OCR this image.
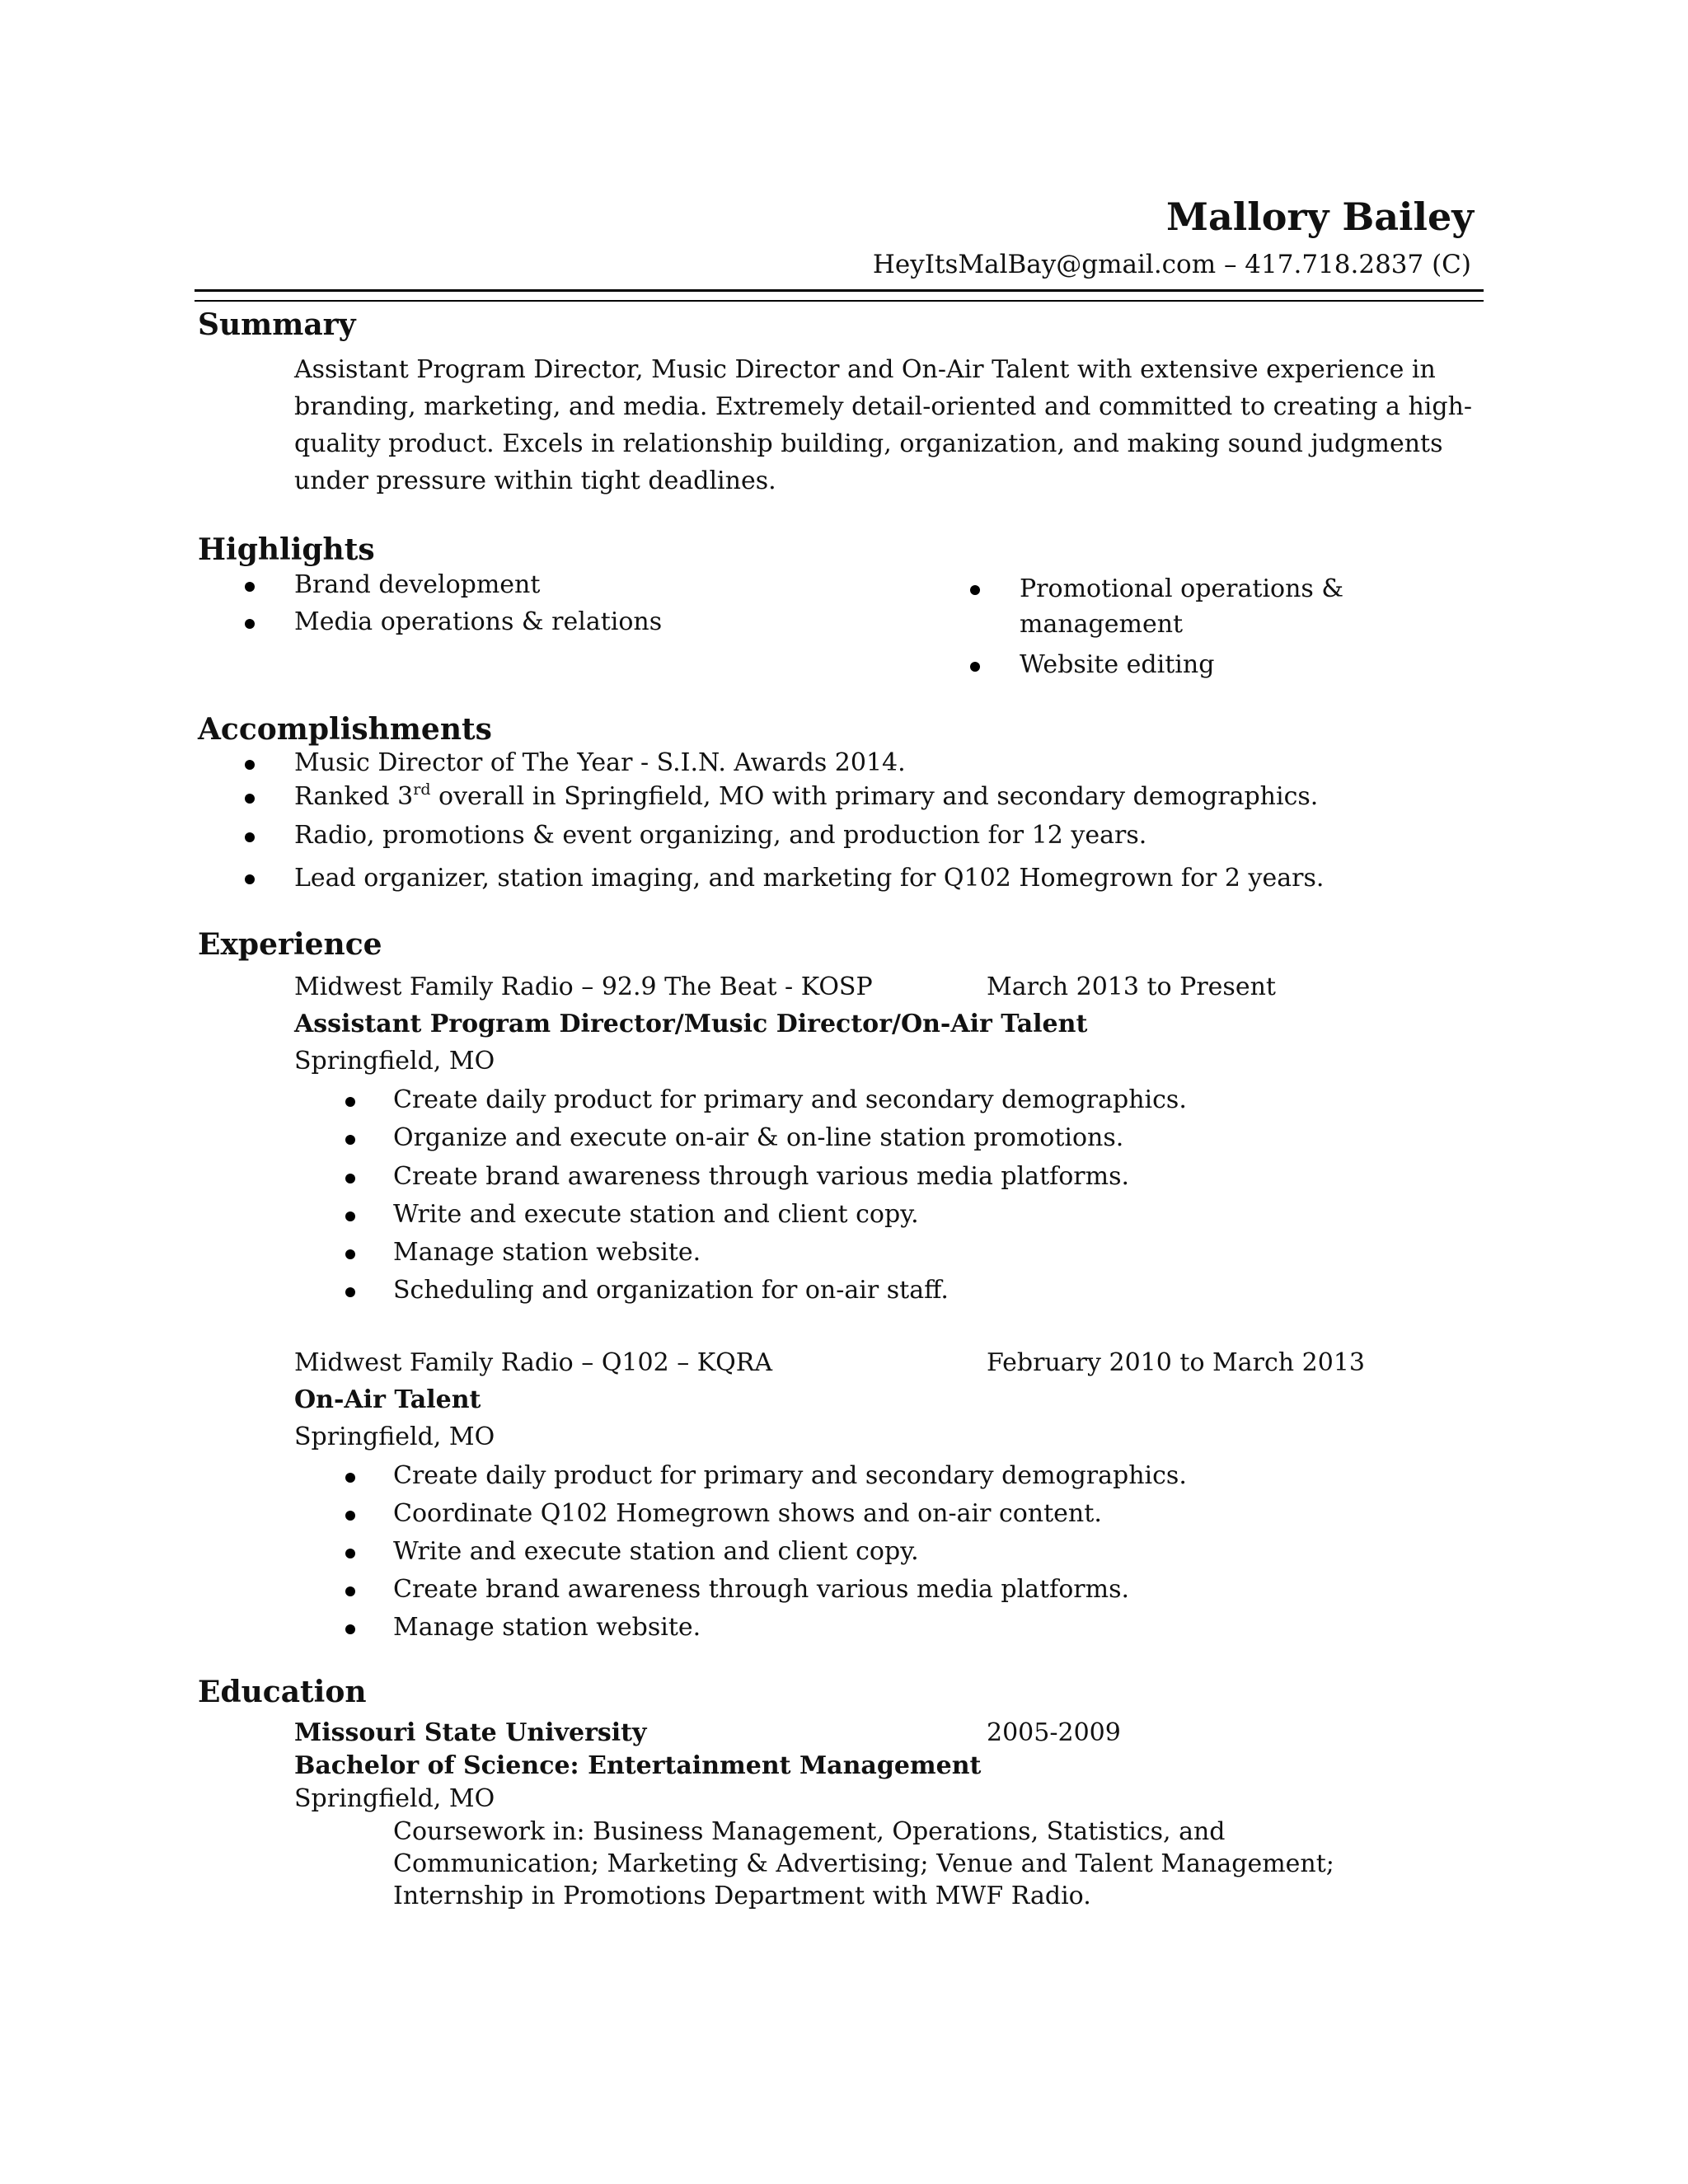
Mallory Bailey
HeyItsMalBay@gmail.com – 417.718.2837 (C)
Summary
Assistant Program Director, Music Director and On-Air Talent with extensive experience in branding, marketing, and media. Extremely detail-oriented and committed to creating a high-quality product. Excels in relationship building, organization, and making sound judgments under pressure within tight deadlines.
Highlights
Brand development
Media operations & relations
Promotional operations &
management
Website editing
Accomplishments
Music Director of The Year - S.I.N. Awards 2014.
Ranked 3rd overall in Springfield, MO with primary and secondary demographics.
Radio, promotions & event organizing, and production for 12 years.
Lead organizer, station imaging, and marketing for Q102 Homegrown for 2 years.
Experience
Midwest Family Radio – 92.9 The Beat - KOSP	March 2013 to Present
Assistant Program Director/Music Director/On-Air Talent
Springfield, MO
Create daily product for primary and secondary demographics.
Organize and execute on-air & on-line station promotions.
Create brand awareness through various media platforms.
Write and execute station and client copy.
Manage station website.
Scheduling and organization for on-air staff.
Midwest Family Radio – Q102 – KQRA	February 2010 to March 2013
On-Air Talent
Springfield, MO
Create daily product for primary and secondary demographics.
Coordinate Q102 Homegrown shows and on-air content.
Write and execute station and client copy.
Create brand awareness through various media platforms.
Manage station website.
Education
Missouri State University	2005-2009
Bachelor of Science: Entertainment Management
Springfield, MO
Coursework in: Business Management, Operations, Statistics, and Communication; Marketing & Advertising; Venue and Talent Management; Internship in Promotions Department with MWF Radio.
